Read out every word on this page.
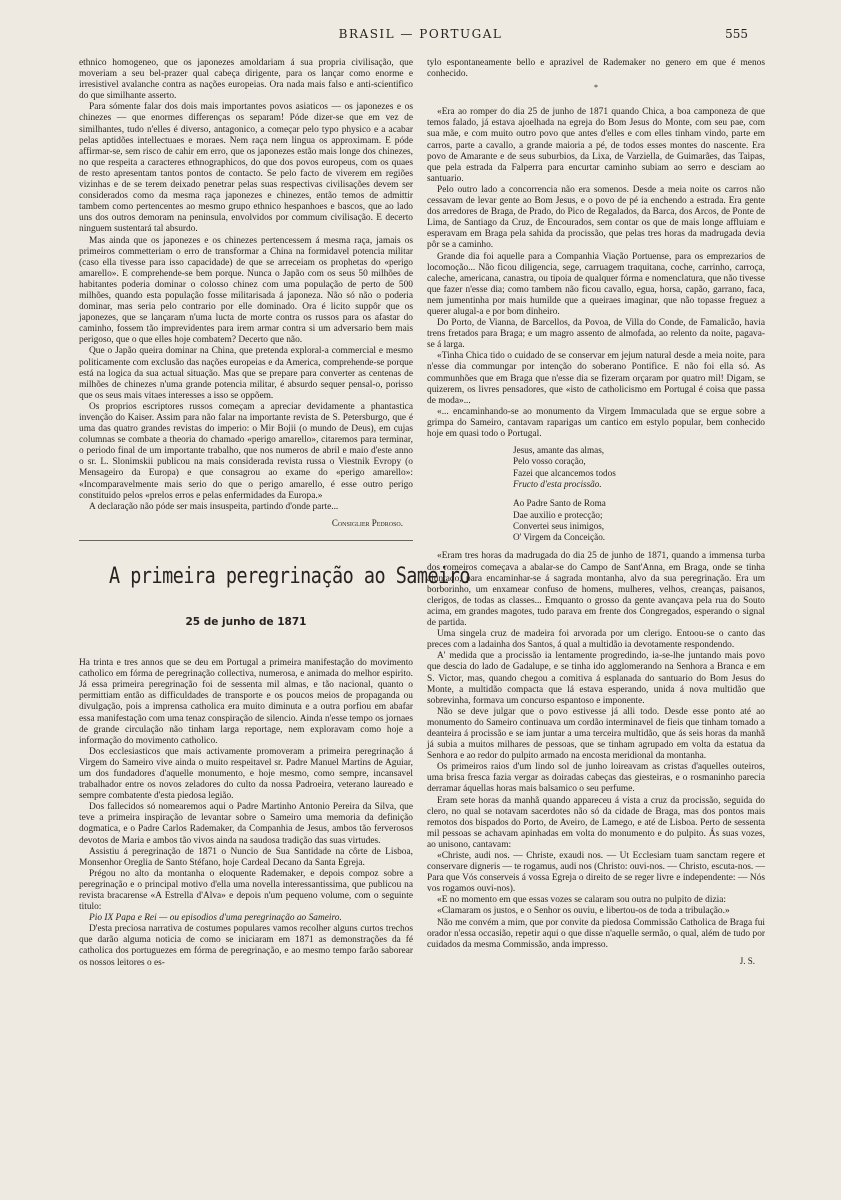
BRASIL — PORTUGAL	555

ethnico homogeneo, que os japonezes amoldariam á sua propria civilisação, que moveriam a seu bel-prazer qual cabeça dirigente, para os lançar como enorme e irresistivel avalanche contra as nações europeias. Ora nada mais falso e anti-scientifico do que similhante asserto.

Para sómente falar dos dois mais importantes povos asiaticos — os japonezes e os chinezes — que enormes differenças os separam! Póde dizer-se que em vez de similhantes, tudo n'elles é diverso, antagonico, a começar pelo typo physico e a acabar pelas aptidões intellectuaes e moraes. Nem raça nem lingua os approximam. E póde affirmar-se, sem risco de cahir em erro, que os japonezes estão mais longe dos chinezes, no que respeita a caracteres ethnographicos, do que dos povos europeus, com os quaes de resto apresentam tantos pontos de contacto. Se pelo facto de viverem em regiões vizinhas e de se terem deixado penetrar pelas suas respectivas civilisações devem ser considerados como da mesma raça japonezes e chinezes, então temos de admittir tambem como pertencentes ao mesmo grupo ethnico hespanhoes e bascos, que ao lado uns dos outros demoram na peninsula, envolvidos por commum civilisação. E decerto ninguem sustentará tal absurdo.

Mas ainda que os japonezes e os chinezes pertencessem á mesma raça, jamais os primeiros commetteriam o erro de transformar a China na formidavel potencia militar (caso ella tivesse para isso capacidade) de que se arreceiam os prophetas do «perigo amarello». E comprehende-se bem porque. Nunca o Japão com os seus 50 milhões de habitantes poderia dominar o colosso chinez com uma população de perto de 500 milhões, quando esta população fosse militarisada á japoneza. Não só não o poderia dominar, mas seria pelo contrario por elle dominado. Ora é licito suppôr que os japonezes, que se lançaram n'uma lucta de morte contra os russos para os afastar do caminho, fossem tão imprevidentes para irem armar contra si um adversario bem mais perigoso, que o que elles hoje combatem? Decerto que não.

Que o Japão queira dominar na China, que pretenda exploral-a commercial e mesmo politicamente com exclusão das nações europeias e da America, comprehende-se porque está na logica da sua actual situação. Mas que se prepare para converter as centenas de milhões de chinezes n'uma grande potencia militar, é absurdo sequer pensal-o, porisso que os seus mais vitaes interesses a isso se oppõem.

Os proprios escriptores russos começam a apreciar devidamente a phantastica invenção do Kaiser. Assim para não falar na importante revista de S. Petersburgo, que é uma das quatro grandes revistas do imperio: o Mir Bojii (o mundo de Deus), em cujas columnas se combate a theoria do chamado «perigo amarello», citaremos para terminar, o periodo final de um importante trabalho, que nos numeros de abril e maio d'este anno o sr. L. Slonimskii publicou na mais considerada revista russa o Viestnik Evropy (o Mensageiro da Europa) e que consagrou ao exame do «perigo amarello»: «Incomparavelmente mais serio do que o perigo amarello, é esse outro perigo constituido pelos «prelos erros e pelas enfermidades da Europa.»

A declaração não póde ser mais insuspeita, partindo d'onde parte...

Consiglier Pedroso.
A primeira peregrinação ao Sameiro
25 de junho de 1871

Ha trinta e tres annos que se deu em Portugal a primeira manifestação do movimento catholico em fórma de peregrinação collectiva, numerosa, e animada do melhor espirito. Já essa primeira peregrinação foi de sessenta mil almas, e tão nacional, quanto o permittiam então as difficuldades de transporte e os poucos meios de propaganda ou divulgação, pois a imprensa catholica era muito diminuta e a outra porfiou em abafar essa manifestação com uma tenaz conspiração de silencio. Ainda n'esse tempo os jornaes de grande circulação não tinham larga reportage, nem exploravam como hoje a informação do movimento catholico.

Dos ecclesiasticos que mais activamente promoveram a primeira peregrinação á Virgem do Sameiro vive ainda o muito respeitavel sr. Padre Manuel Martins de Aguiar, um dos fundadores d'aquelle monumento, e hoje mesmo, como sempre, incansavel trabalhador entre os novos zeladores do culto da nossa Padroeira, veterano laureado e sempre combatente d'esta piedosa legião.

Dos fallecidos só nomearemos aqui o Padre Martinho Antonio Pereira da Silva, que teve a primeira inspiração de levantar sobre o Sameiro uma memoria da definição dogmatica, e o Padre Carlos Rademaker, da Companhia de Jesus, ambos tão ferverosos devotos de Maria e ambos tão vivos ainda na saudosa tradição das suas virtudes.

Assistiu á peregrinação de 1871 o Nuncio de Sua Santidade na côrte de Lisboa, Monsenhor Oreglia de Santo Stéfano, hoje Cardeal Decano da Santa Egreja.

Prégou no alto da montanha o eloquente Rademaker, e depois compoz sobre a peregrinação e o principal motivo d'ella uma novella interessantissima, que publicou na revista bracarense «A Estrella d'Alva» e depois n'um pequeno volume, com o seguinte titulo:

Pio IX Papa e Rei — ou episodios d'uma peregrinação ao Sameiro.

D'esta preciosa narrativa de costumes populares vamos recolher alguns curtos trechos que darão alguma noticia de como se iniciaram em 1871 as demonstrações da fé catholica dos portuguezes em fórma de peregrinação, e ao mesmo tempo farão saborear os nossos leitores o es-

tylo espontaneamente bello e aprazivel de Rademaker no genero em que é menos conhecido.

*

«Era ao romper do dia 25 de junho de 1871 quando Chica, a boa camponeza de que temos falado, já estava ajoelhada na egreja do Bom Jesus do Monte, com seu pae, com sua mãe, e com muito outro povo que antes d'elles e com elles tinham vindo, parte em carros, parte a cavallo, a grande maioria a pé, de todos esses montes do nascente. Era povo de Amarante e de seus suburbios, da Lixa, de Varziella, de Guimarães, das Taipas, que pela estrada da Falperra para encurtar caminho subiam ao serro e desciam ao santuario.

Pelo outro lado a concorrencia não era somenos. Desde a meia noite os carros não cessavam de levar gente ao Bom Jesus, e o povo de pé ia enchendo a estrada. Era gente dos arredores de Braga, de Prado, do Pico de Regalados, da Barca, dos Arcos, de Ponte de Lima, de Santiago da Cruz, de Encourados, sem contar os que de mais longe affluiam e esperavam em Braga pela sahida da procissão, que pelas tres horas da madrugada devia pôr se a caminho.

Grande dia foi aquelle para a Companhia Viação Portuense, para os emprezarios de locomoção... Não ficou diligencia, sege, carruagem traquitana, coche, carrinho, carroça, caleche, americana, canastra, ou tipoia de qualquer fórma e nomenclatura, que não tivesse que fazer n'esse dia; como tambem não ficou cavallo, egua, horsa, capão, garrano, faca, nem jumentinha por mais humilde que a queiraes imaginar, que não topasse freguez a querer alugal-a e por bom dinheiro.

Do Porto, de Vianna, de Barcellos, da Povoa, de Villa do Conde, de Famalicão, havia trens fretados para Braga; e um magro assento de almofada, ao relento da noite, pagava-se á larga.

«Tinha Chica tido o cuidado de se conservar em jejum natural desde a meia noite, para n'esse dia commungar por intenção do soberano Pontifice. E não foi ella só. As communhões que em Braga que n'esse dia se fizeram orçaram por quatro mil! Digam, se quizerem, os livres pensadores, que «isto de catholicismo em Portugal é coisa que passa de moda»...

«... encaminhando-se ao monumento da Virgem Immaculada que se ergue sobre a grimpa do Sameiro, cantavam raparigas um cantico em estylo popular, bem conhecido hoje em quasi todo o Portugal.

Jesus, amante das almas,
Pelo vosso coração,
Fazei que alcancemos todos
Fructo d'esta procissão.
Ao Padre Santo de Roma
Dae auxilio e protecção;
Convertei seus inimigos,
O' Virgem da Conceição.

«Eram tres horas da madrugada do dia 25 de junho de 1871, quando a immensa turba dos romeiros começava a abalar-se do Campo de Sant'Anna, em Braga, onde se tinha ajuntado, para encaminhar-se á sagrada montanha, alvo da sua peregrinação. Era um borborinho, um enxamear confuso de homens, mulheres, velhos, creanças, paisanos, clerigos, de todas as classes... Emquanto o grosso da gente avançava pela rua do Souto acima, em grandes magotes, tudo parava em frente dos Congregados, esperando o signal de partida.

Uma singela cruz de madeira foi arvorada por um clerigo. Entoou-se o canto das preces com a ladainha dos Santos, á qual a multidão ia devotamente respondendo.

A' medida que a procissão ia lentamente progredindo, ia-se-lhe juntando mais povo que descia do lado de Gadalupe, e se tinha ido agglomerando na Senhora a Branca e em S. Victor, mas, quando chegou a comitiva á esplanada do santuario do Bom Jesus do Monte, a multidão compacta que lá estava esperando, unida á nova multidão que sobrevinha, formava um concurso espantoso e imponente.

Não se deve julgar que o povo estivesse já alli todo. Desde esse ponto até ao monumento do Sameiro continuava um cordão interminavel de fieis que tinham tomado a deanteira á procissão e se iam juntar a uma terceira multidão, que ás seis horas da manhã já subia a muitos milhares de pessoas, que se tinham agrupado em volta da estatua da Senhora e ao redor do pulpito armado na encosta meridional da montanha.

Os primeiros raios d'um lindo sol de junho loireavam as cristas d'aquelles outeiros, uma brisa fresca fazia vergar as doiradas cabeças das giesteiras, e o rosmaninho parecia derramar áquellas horas mais balsamico o seu perfume.

Eram sete horas da manhã quando appareceu á vista a cruz da procissão, seguida do clero, no qual se notavam sacerdotes não só da cidade de Braga, mas dos pontos mais remotos dos bispados do Porto, de Aveiro, de Lamego, e até de Lisboa. Perto de sessenta mil pessoas se achavam apinhadas em volta do monumento e do pulpito. Ás suas vozes, ao unisono, cantavam:

«Christe, audi nos. — Christe, exaudi nos. — Ut Ecclesiam tuam sanctam regere et conservare digneris — te rogamus, audi nos (Christo: ouvi-nos. — Christo, escuta-nos. — Para que Vós conserveis á vossa Egreja o direito de se reger livre e independente: — Nós vos rogamos ouvi-nos).

«E no momento em que essas vozes se calaram sou outra no pulpito de dizia:

«Clamaram os justos, e o Senhor os ouviu, e libertou-os de toda a tribulação.»

Não me convém a mim, que por convite da piedosa Commissão Catholica de Braga fui orador n'essa occasião, repetir aqui o que disse n'aquelle sermão, o qual, além de tudo por cuidados da mesma Commissão, anda impresso.

J. S.
